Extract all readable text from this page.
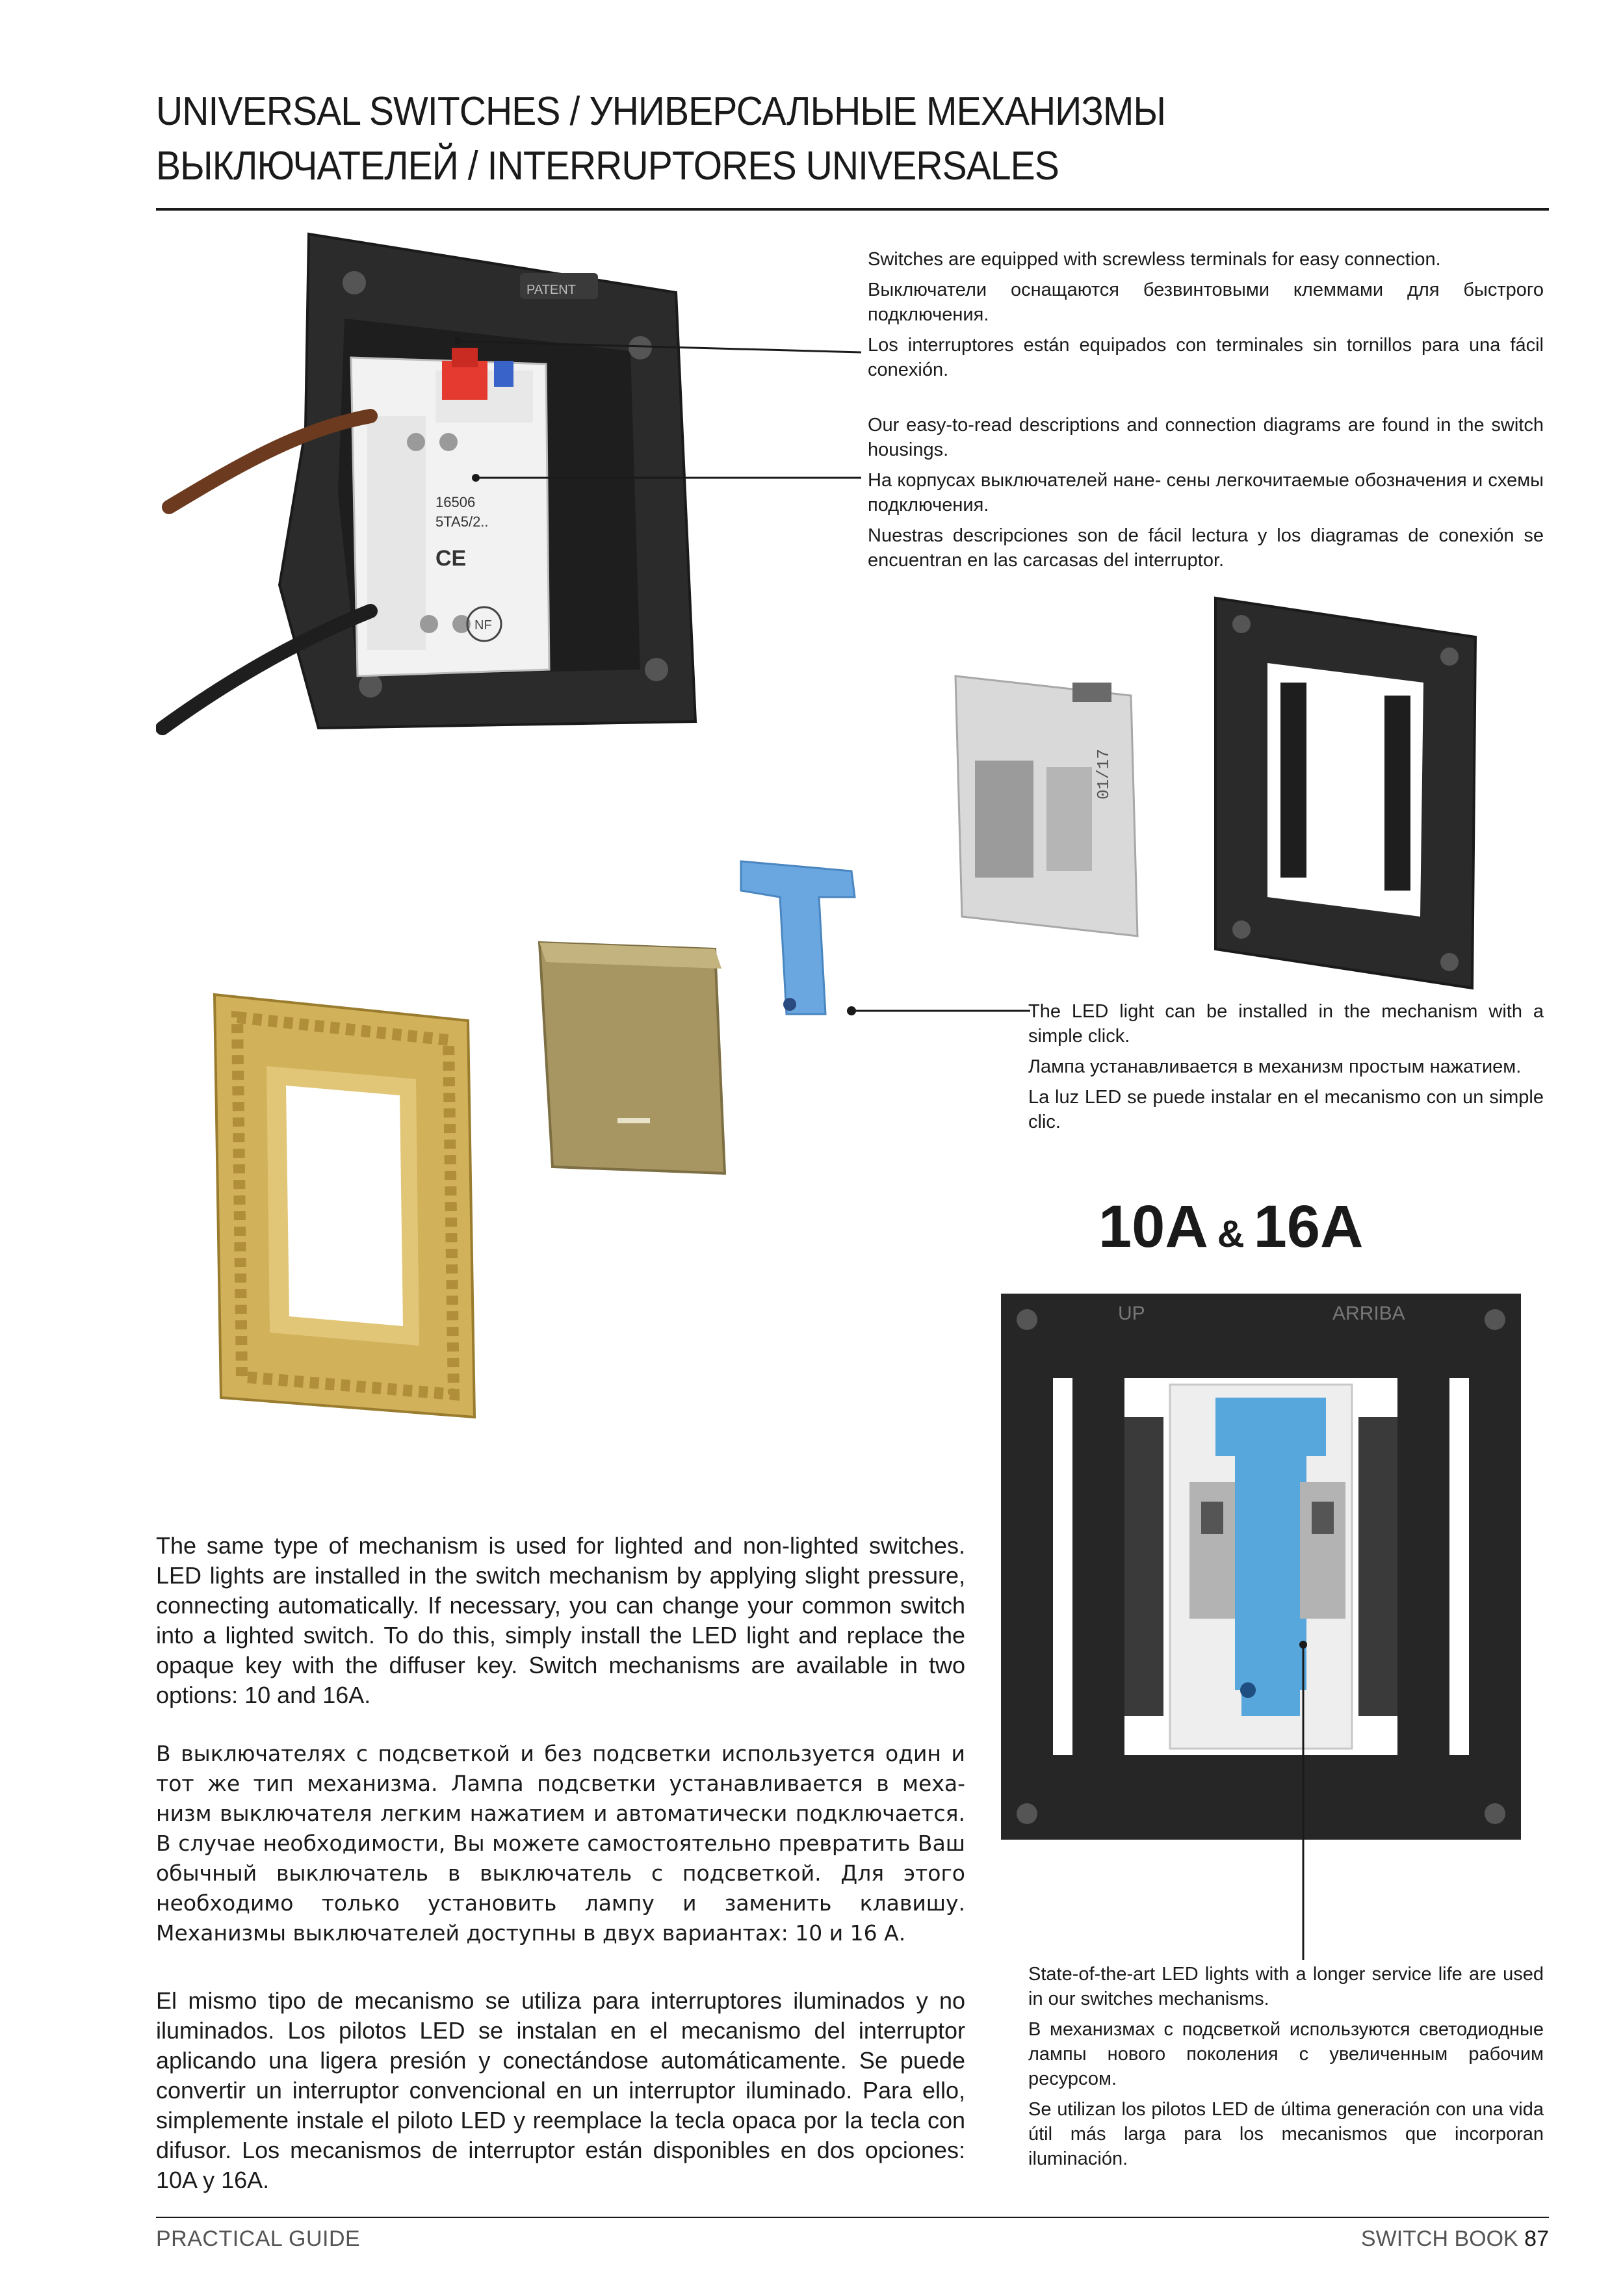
UNIVERSAL SWITCHES / УНИВЕРСАЛЬНЫЕ МЕХАНИЗМЫ
ВЫКЛЮЧАТЕЛЕЙ / INTERRUPTORES UNIVERSALES
PATENT
16506
5TA5/2..
CE
NF

Switches are equipped with screwless terminals for easy connection.

Выключатели оснащаются безвинтовыми клеммами для быстрого подключения.

Los interruptores están equipados con terminales sin tornillos para una fácil conexión.

Our easy-to-read descriptions and connection diagrams are found in the switch housings.

На корпусах выключателей нане- сены легкочитаемые обозначения и схемы подключения.

Nuestras descripciones son de fácil lectura y los diagramas de conexión se encuentran en las carcasas del interruptor.

01/17

The LED light can be installed in the mechanism with a simple click.

Лампа устанавливается в механизм простым нажатием.

La luz LED se puede instalar en el mecanismo con un simple clic.

10A & 16A
UP	ARRIBA

State-of-the-art LED lights with a longer service life are used in our switches mechanisms.

В механизмах с подсветкой используются светодиодные лампы нового поколения с увеличенным рабочим ресурсом.

Se utilizan los pilotos LED de última generación con una vida útil más larga para los mecanismos que incorporan iluminación.

The same type of mechanism is used for lighted and non-lighted switches. LED lights are installed in the switch mechanism by applying slight pressure, connecting automatically. If necessary, you can change your common switch into a lighted switch. To do this, simply install the LED light and replace the opaque key with the diffuser key. Switch mechanisms are available in two options: 10 and 16A.

В выключателях с подсветкой и без подсветки используется один и тот же тип механизма. Лампа подсветки устанавливается в меха- низм выключателя легким нажатием и автоматически подключается. В случае необходимости, Вы можете самостоятельно превратить Ваш обычный выключатель в выключатель с подсветкой. Для этого необходимо только установить лампу и заменить клавишу. Механизмы выключателей доступны в двух вариантах: 10 и 16 А.

El mismo tipo de mecanismo se utiliza para interruptores iluminados y no iluminados. Los pilotos LED se instalan en el mecanismo del interruptor aplicando una ligera presión y conectándose automáticamente. Se puede convertir un interruptor convencional en un interruptor iluminado. Para ello, simplemente instale el piloto LED y reemplace la tecla opaca por la tecla con difusor. Los mecanismos de interruptor están disponibles en dos opciones: 10A y 16A.

PRACTICAL GUIDE	SWITCH BOOK 87
